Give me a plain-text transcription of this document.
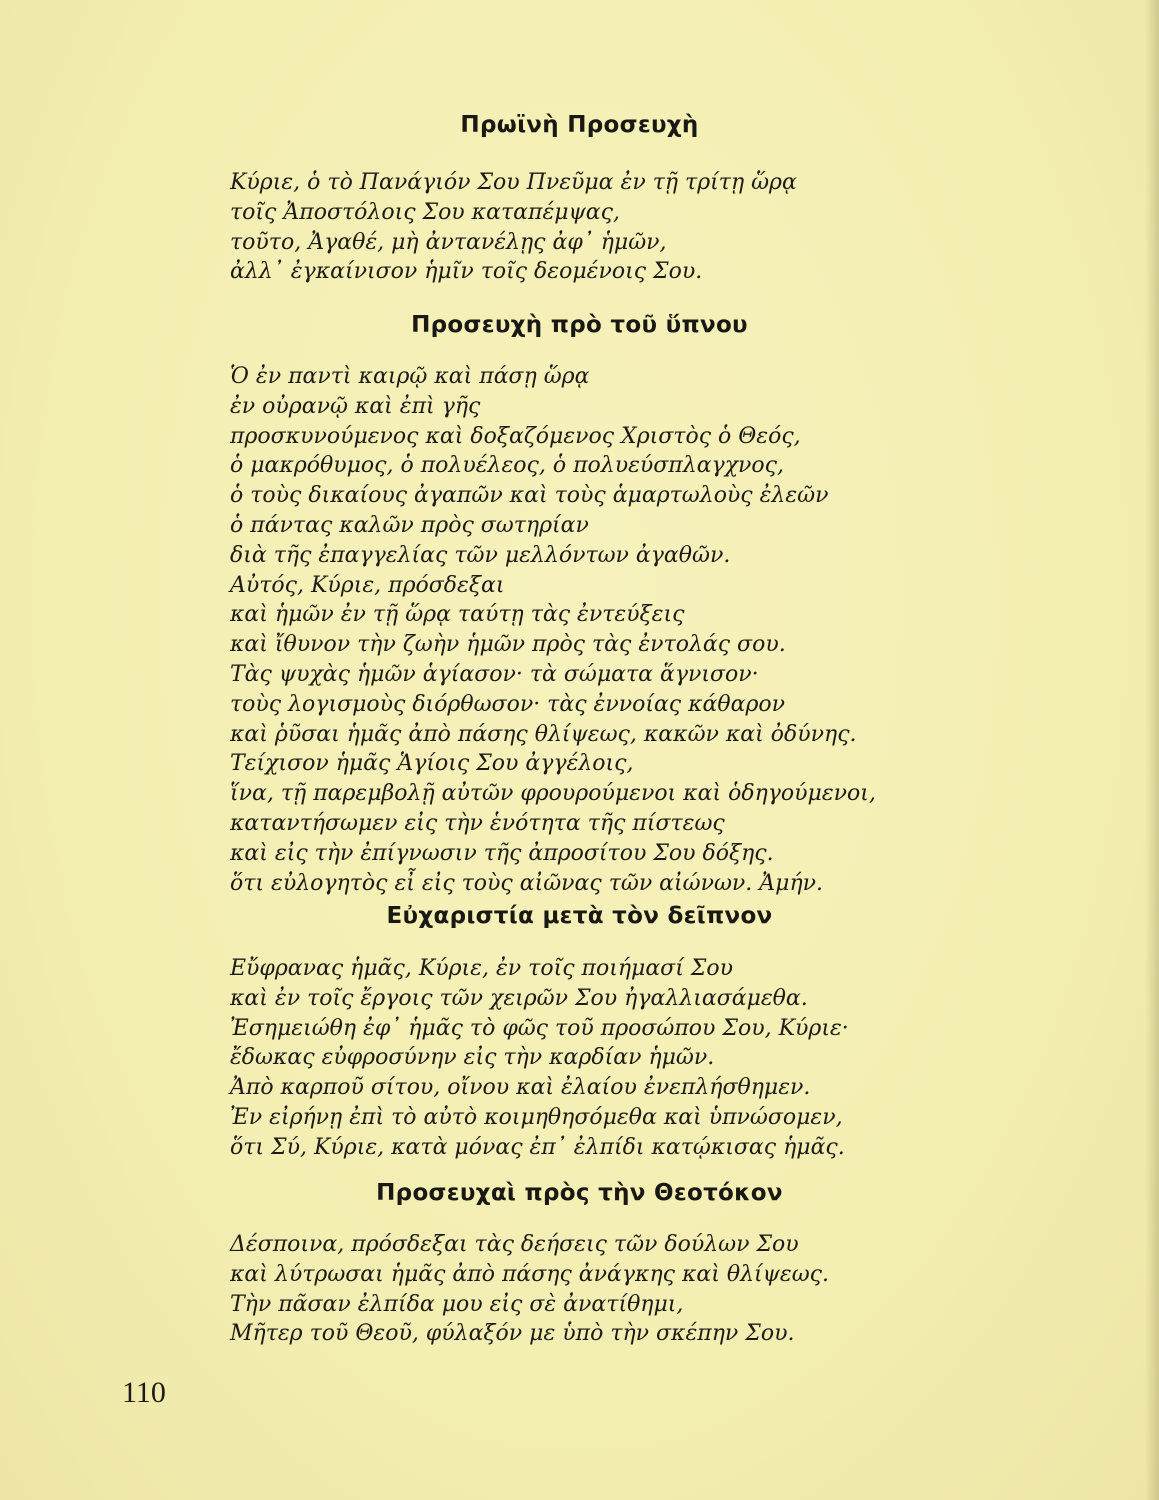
Πρωϊνὴ Προσευχὴ
Κύριε, ὁ τὸ Πανάγιόν Σου Πνεῦμα ἐν τῇ τρίτῃ ὥρᾳ
τοῖς Ἀποστόλοις Σου καταπέμψας,
τοῦτο, Ἀγαθέ, μὴ ἀντανέλῃς ἀφ᾽ ἡμῶν,
ἀλλ᾽ ἐγκαίνισον ἡμῖν τοῖς δεομένοις Σου.
Προσευχὴ πρὸ τοῦ ὕπνου
Ὁ ἐν παντὶ καιρῷ καὶ πάσῃ ὥρᾳ
ἐν οὐρανῷ καὶ ἐπὶ γῆς
προσκυνούμενος καὶ δοξαζόμενος Χριστὸς ὁ Θεός,
ὁ μακρόθυμος, ὁ πολυέλεος, ὁ πολυεύσπλαγχνος,
ὁ τοὺς δικαίους ἀγαπῶν καὶ τοὺς ἁμαρτωλοὺς ἐλεῶν
ὁ πάντας καλῶν πρὸς σωτηρίαν
διὰ τῆς ἐπαγγελίας τῶν μελλόντων ἀγαθῶν.
Αὐτός, Κύριε, πρόσδεξαι
καὶ ἡμῶν ἐν τῇ ὥρᾳ ταύτῃ τὰς ἐντεύξεις
καὶ ἴθυνον τὴν ζωὴν ἡμῶν πρὸς τὰς ἐντολάς σου.
Τὰς ψυχὰς ἡμῶν ἁγίασον· τὰ σώματα ἅγνισον·
τοὺς λογισμοὺς διόρθωσον· τὰς ἐννοίας κάθαρον
καὶ ῥῦσαι ἡμᾶς ἀπὸ πάσης θλίψεως, κακῶν καὶ ὀδύνης.
Τείχισον ἡμᾶς Ἁγίοις Σου ἀγγέλοις,
ἵνα, τῇ παρεμβολῇ αὐτῶν φρουρούμενοι καὶ ὁδηγούμενοι,
καταντήσωμεν εἰς τὴν ἑνότητα τῆς πίστεως
καὶ εἰς τὴν ἐπίγνωσιν τῆς ἀπροσίτου Σου δόξης.
ὅτι εὐλογητὸς εἶ εἰς τοὺς αἰῶνας τῶν αἰώνων. Ἀμήν.
Εὐχαριστία μετὰ τὸν δεῖπνον
Εὔφρανας ἡμᾶς, Κύριε, ἐν τοῖς ποιήμασί Σου
καὶ ἐν τοῖς ἔργοις τῶν χειρῶν Σου ἠγαλλιασάμεθα.
Ἐσημειώθη ἐφ᾽ ἡμᾶς τὸ φῶς τοῦ προσώπου Σου, Κύριε·
ἔδωκας εὐφροσύνην εἰς τὴν καρδίαν ἡμῶν.
Ἀπὸ καρποῦ σίτου, οἴνου καὶ ἐλαίου ἐνεπλήσθημεν.
Ἐν εἰρήνῃ ἐπὶ τὸ αὐτὸ κοιμηθησόμεθα καὶ ὑπνώσομεν,
ὅτι Σύ, Κύριε, κατὰ μόνας ἐπ᾽ ἐλπίδι κατῴκισας ἡμᾶς.
Προσευχαὶ πρὸς τὴν Θεοτόκον
Δέσποινα, πρόσδεξαι τὰς δεήσεις τῶν δούλων Σου
καὶ λύτρωσαι ἡμᾶς ἀπὸ πάσης ἀνάγκης καὶ θλίψεως.
Τὴν πᾶσαν ἐλπίδα μου εἰς σὲ ἀνατίθημι,
Μῆτερ τοῦ Θεοῦ, φύλαξόν με ὑπὸ τὴν σκέπην Σου.
110
